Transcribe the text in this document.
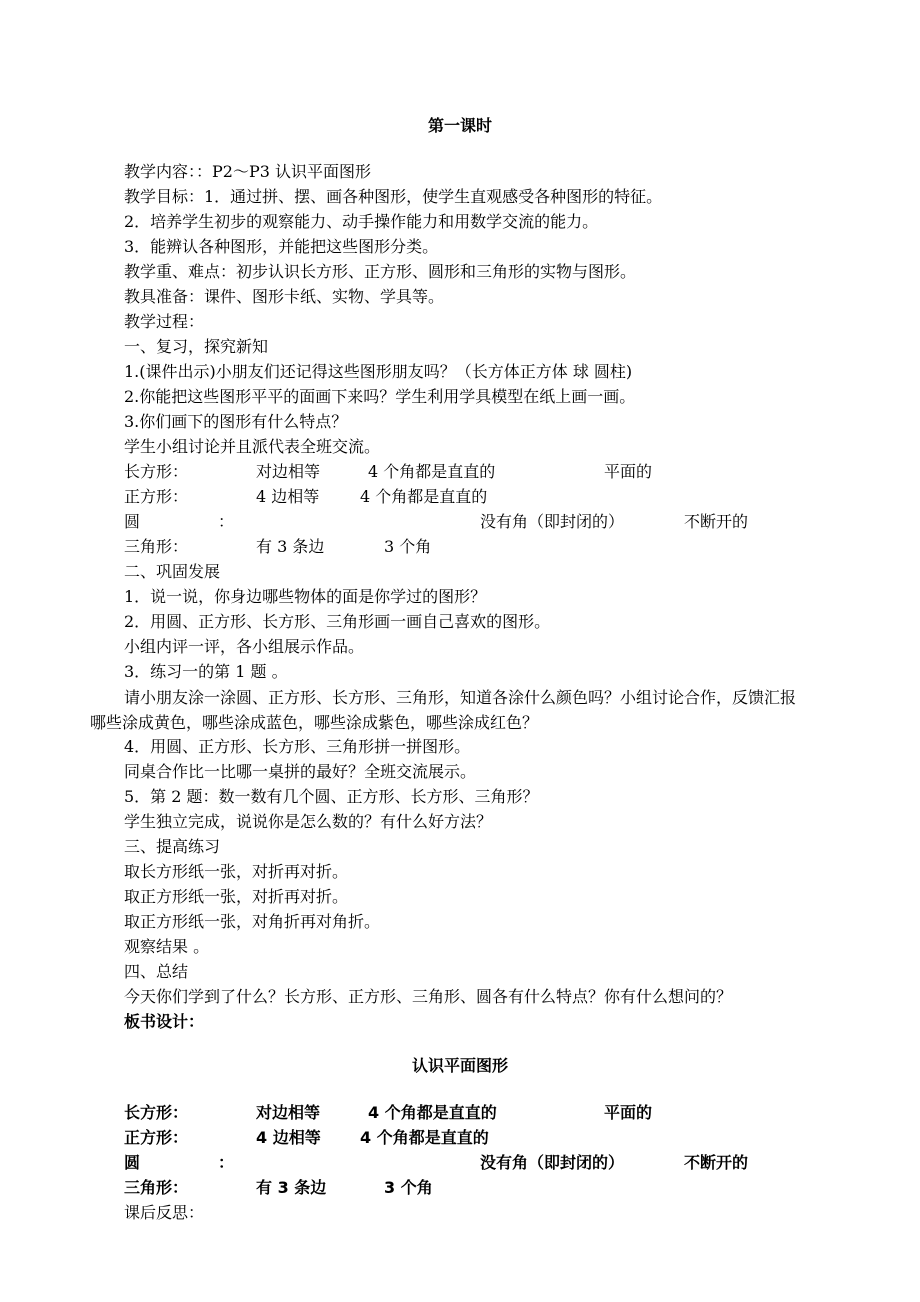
第一课时
教学内容：：P2～P3 认识平面图形
教学目标：1．通过拼、摆、画各种图形，使学生直观感受各种图形的特征。
2．培养学生初步的观察能力、动手操作能力和用数学交流的能力。
3．能辨认各种图形，并能把这些图形分类。
教学重、难点：初步认识长方形、正方形、圆形和三角形的实物与图形。
教具准备：课件、图形卡纸、实物、学具等。
教学过程：
一、复习，探究新知
1.(课件出示)小朋友们还记得这些图形朋友吗？（长方体正方体 球 圆柱)
2.你能把这些图形平平的面画下来吗？学生利用学具模型在纸上画一画。
3.你们画下的图形有什么特点？
学生小组讨论并且派代表全班交流。
长方形：	对边相等	4 个角都是直直的	平面的
正方形：	4 边相等	4 个角都是直直的
圆	：	没有角（即封闭的）	不断开的
三角形：	有 3 条边	3 个角
二、巩固发展
1．说一说，你身边哪些物体的面是你学过的图形？
2．用圆、正方形、长方形、三角形画一画自己喜欢的图形。
小组内评一评，各小组展示作品。
3．练习一的第 1 题 。
请小朋友涂一涂圆、正方形、长方形、三角形，知道各涂什么颜色吗？小组讨论合作，反馈汇报哪些涂成黄色，哪些涂成蓝色，哪些涂成紫色，哪些涂成红色？
4．用圆、正方形、长方形、三角形拼一拼图形。
同桌合作比一比哪一桌拼的最好？全班交流展示。
5．第 2 题：数一数有几个圆、正方形、长方形、三角形？
学生独立完成，说说你是怎么数的？有什么好方法？
三、提高练习
取长方形纸一张，对折再对折。
取正方形纸一张，对折再对折。
取正方形纸一张，对角折再对角折。
观察结果 。
四、总结
今天你们学到了什么？长方形、正方形、三角形、圆各有什么特点？你有什么想问的？
板书设计：
认识平面图形
长方形：	对边相等	4 个角都是直直的	平面的
正方形：	4 边相等 4 个角都是直直的
圆	：	没有角（即封闭的）	不断开的
三角形：	有 3 条边	3 个角
课后反思：
